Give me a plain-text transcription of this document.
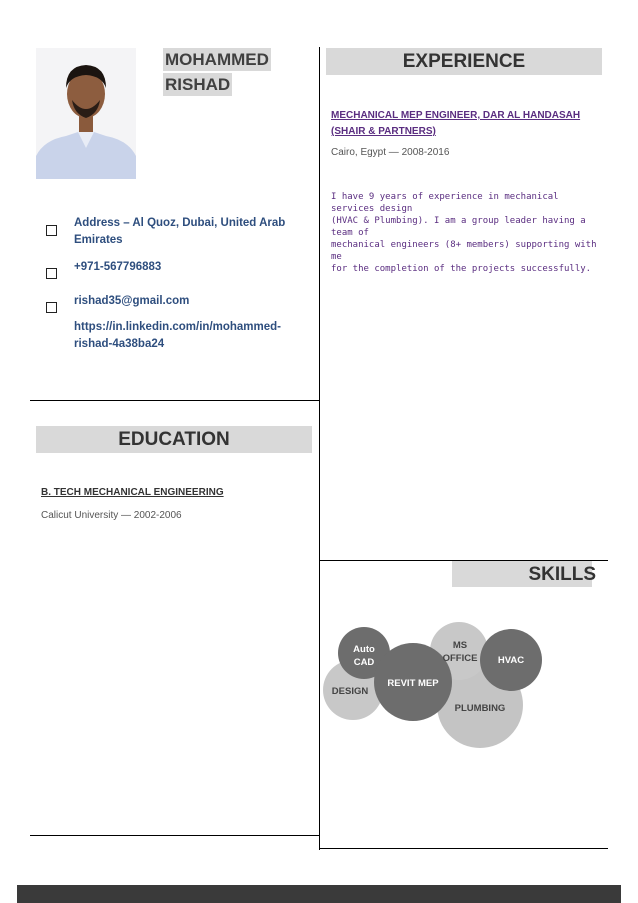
MOHAMMED
RISHAD
Address – Al Quoz, Dubai, United Arab
Emirates
+971-567796883
rishad35@gmail.com
https://in.linkedin.com/in/mohammed-
rishad-4a38ba24
EXPERIENCE
MECHANICAL MEP ENGINEER, DAR AL HANDASAH
(SHAIR & PARTNERS)
Cairo, Egypt — 2008-2016
I have 9 years of experience in mechanical services design
(HVAC & Plumbing). I am a group leader having a team of
mechanical engineers (8+ members) supporting with me
for the completion of the projects successfully.
EDUCATION
B. TECH MECHANICAL ENGINEERING
Calicut University — 2002-2006
SKILLS
Auto
CAD
DESIGN
REVIT MEP
MS
OFFICE HVAC
PLUMBING
